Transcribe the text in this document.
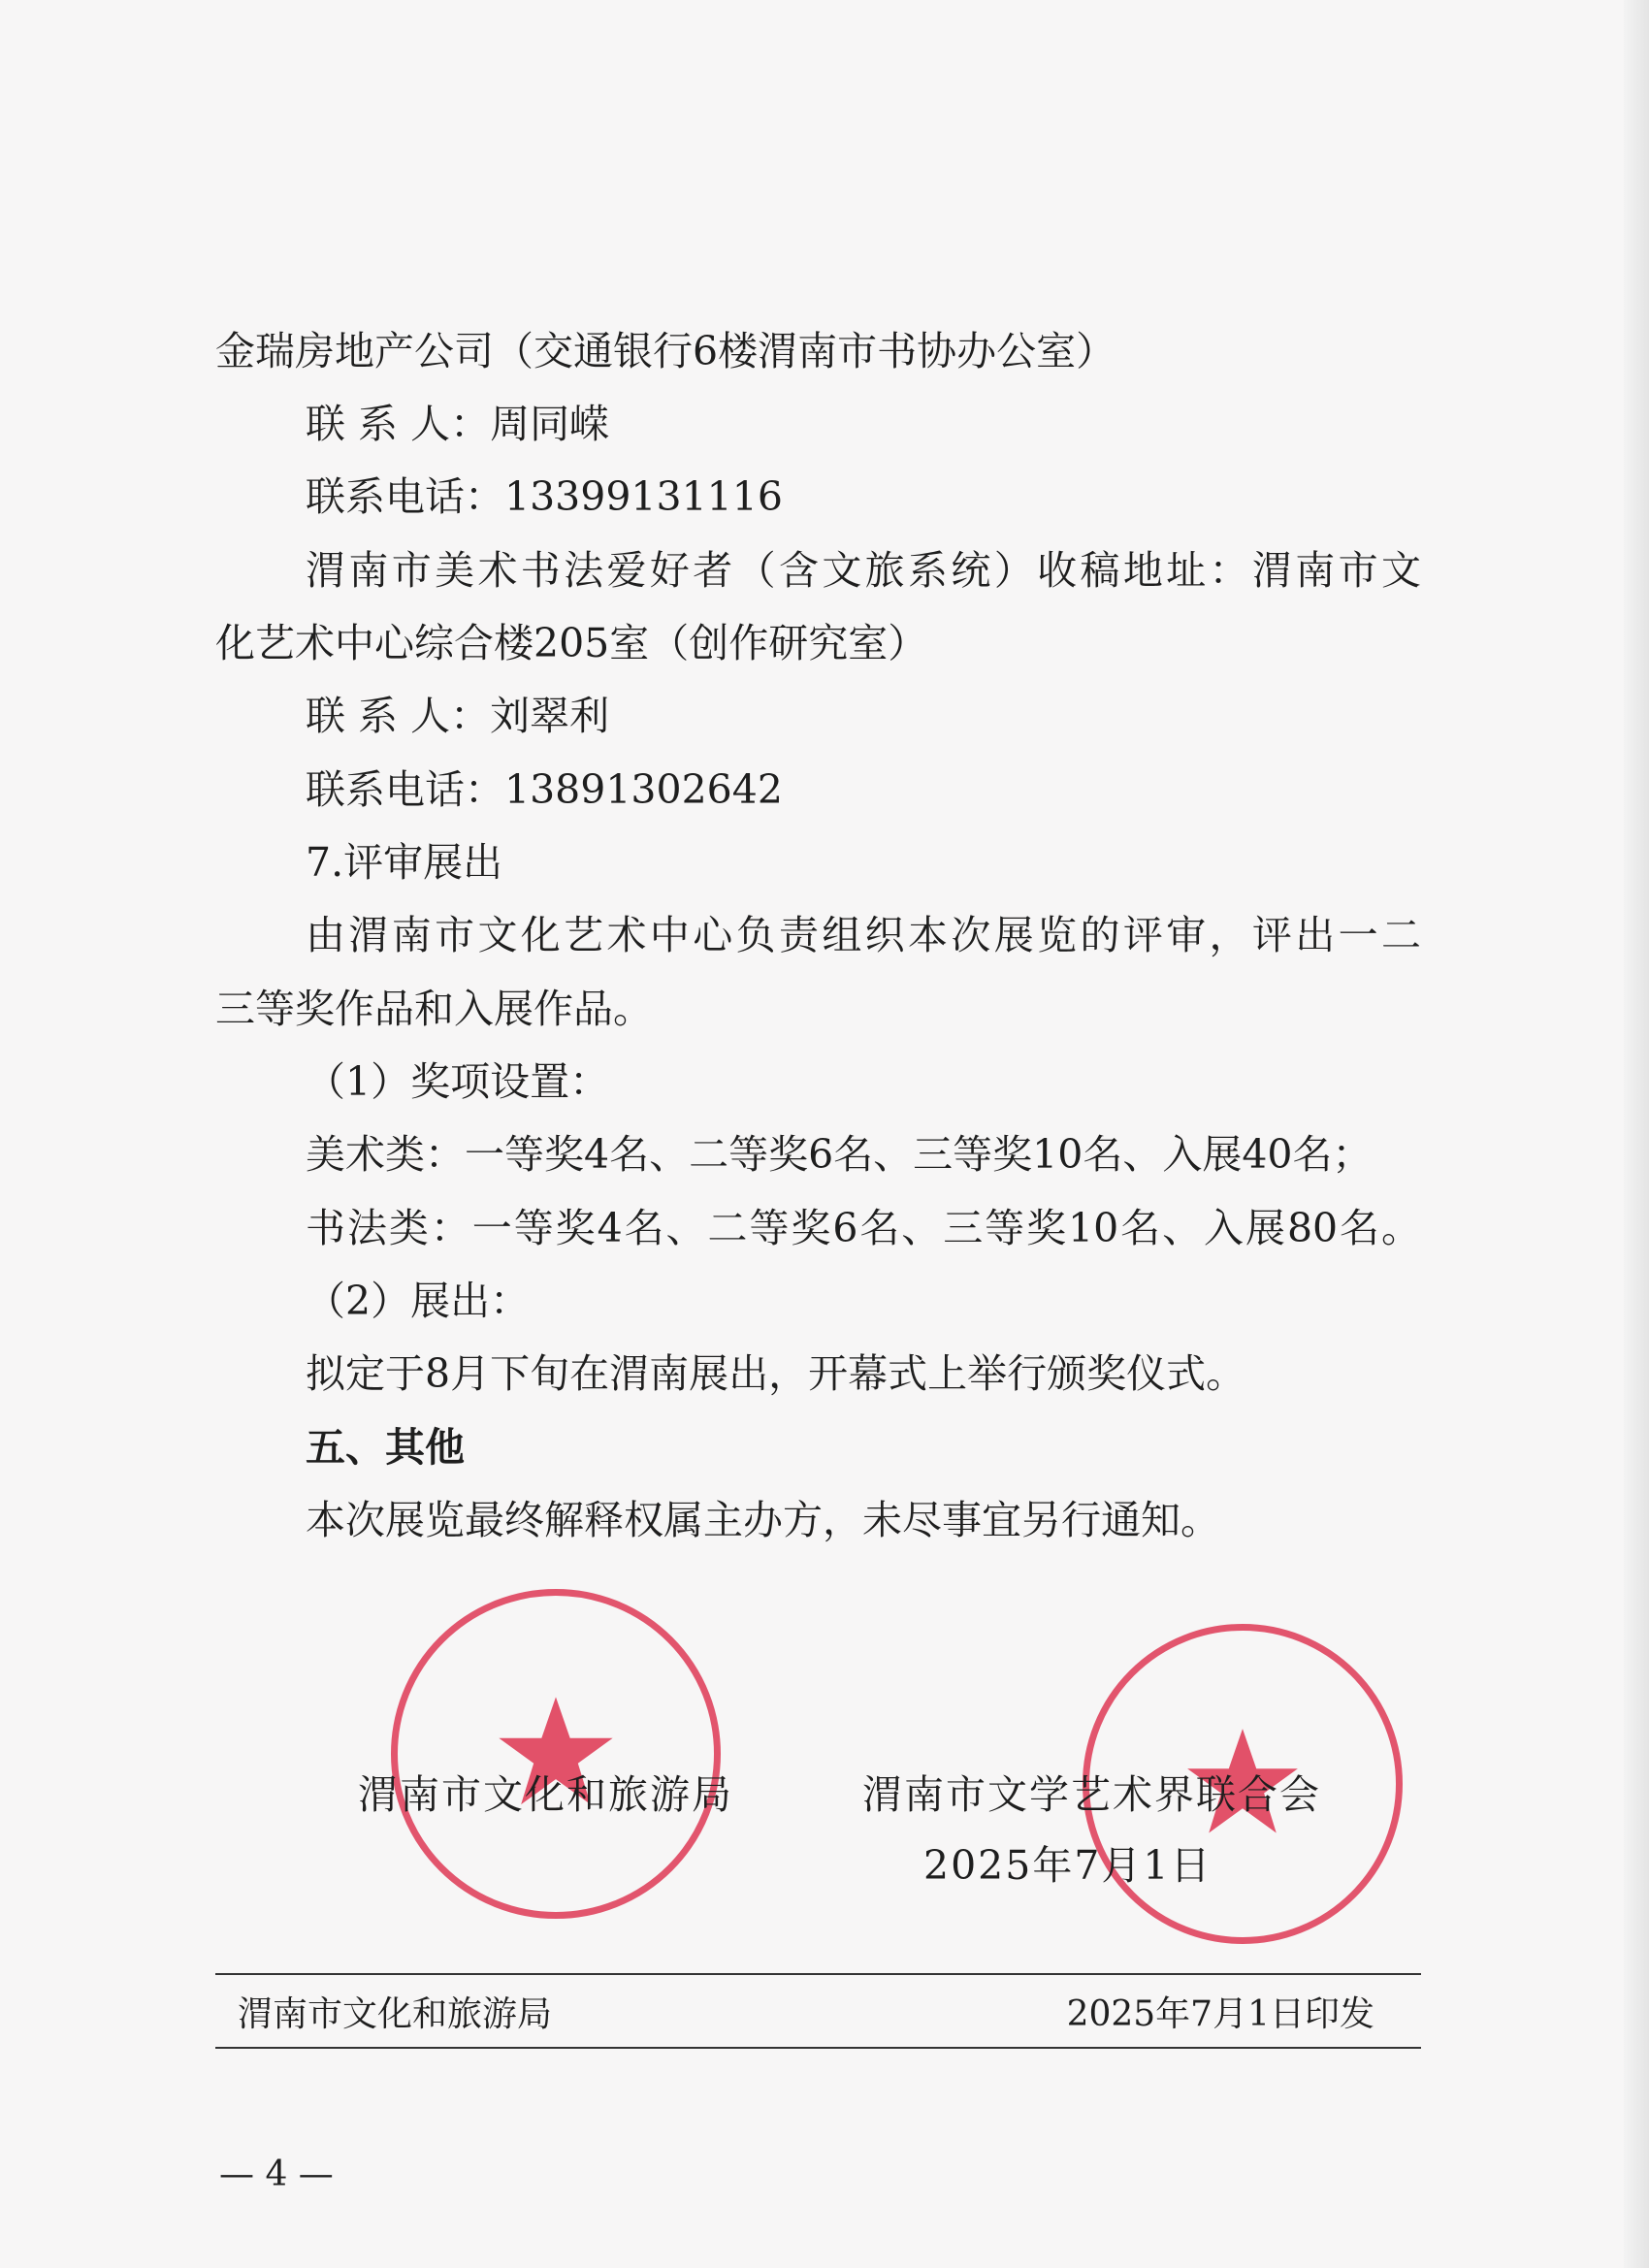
金瑞房地产公司（交通银行6楼渭南市书协办公室）
联 系 人：周同嵘
联系电话：13399131116
渭南市美术书法爱好者（含文旅系统）收稿地址：渭南市文
化艺术中心综合楼205室（创作研究室）
联 系 人：刘翠利
联系电话：13891302642
7.评审展出
由渭南市文化艺术中心负责组织本次展览的评审，评出一二
三等奖作品和入展作品。
（1）奖项设置：
美术类：一等奖4名、二等奖6名、三等奖10名、入展40名；
书法类：一等奖4名、二等奖6名、三等奖10名、入展80名。
（2）展出：
拟定于8月下旬在渭南展出，开幕式上举行颁奖仪式。
五、其他
本次展览最终解释权属主办方，未尽事宜另行通知。
渭南市文化和旅游局	渭南市文学艺术界联合会
2025年7月1日
渭南市文化和旅游局	2025年7月1日印发
— 4 —
